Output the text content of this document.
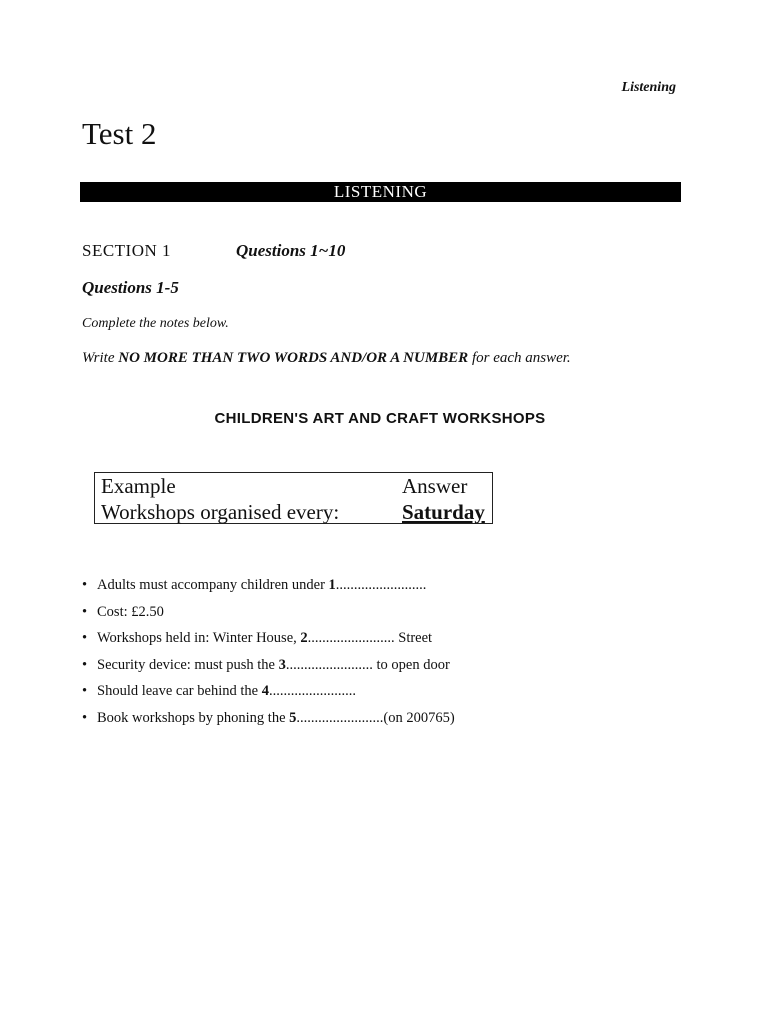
Listening
Test 2
LISTENING
SECTION 1	Questions 1~10
Questions 1-5
Complete the notes below.
Write NO MORE THAN TWO WORDS AND/OR A NUMBER for each answer.
CHILDREN'S ART AND CRAFT WORKSHOPS
Example	Answer
Workshops organised every:	Saturday
• Adults must accompany children under 1.........................
• Cost: £2.50
• Workshops held in: Winter House, 2........................ Street
• Security device: must push the 3........................ to open door
• Should leave car behind the 4........................
• Book workshops by phoning the 5........................(on 200765)
